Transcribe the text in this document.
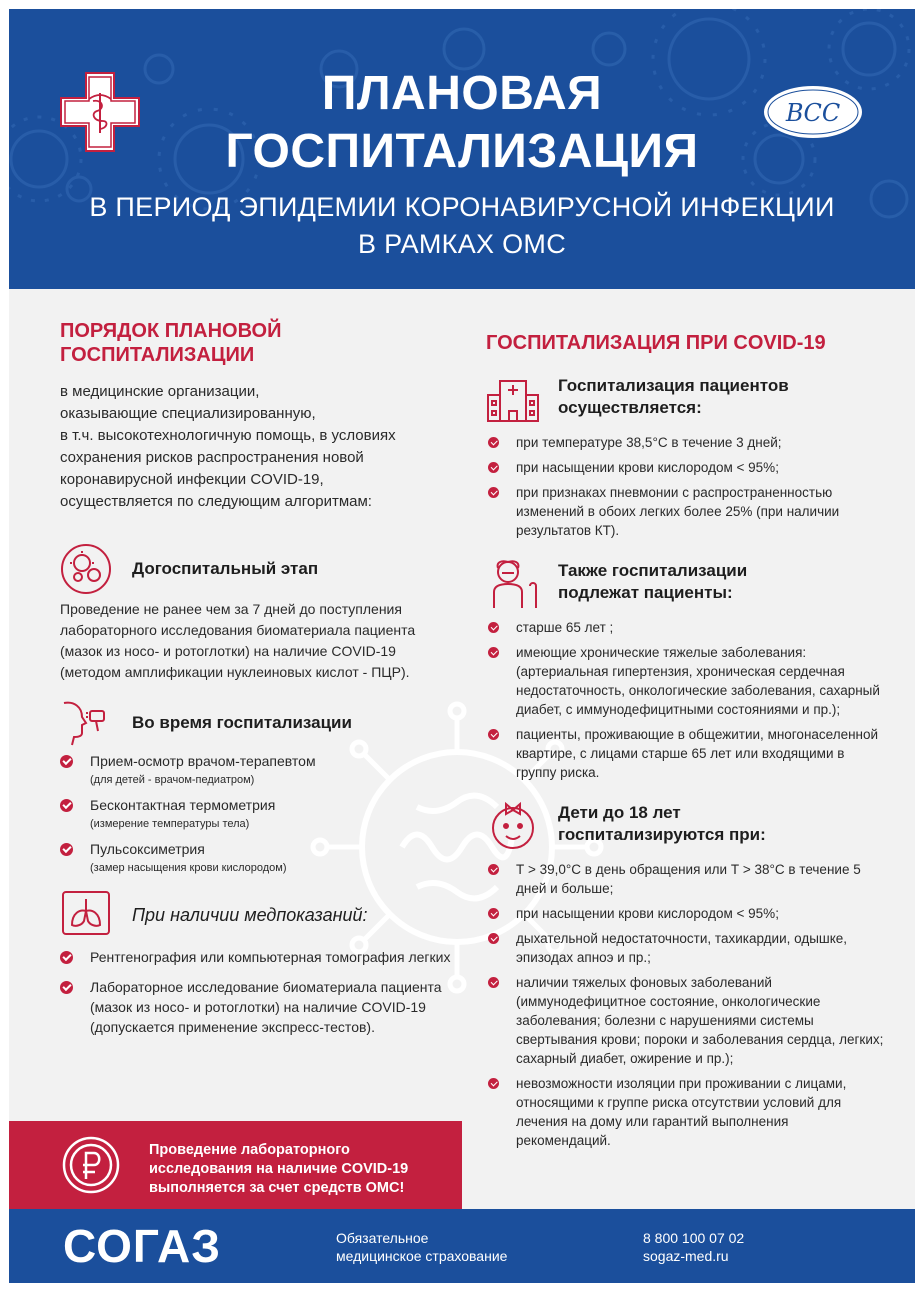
ПЛАНОВАЯ
ГОСПИТАЛИЗАЦИЯ
ВСС
В ПЕРИОД ЭПИДЕМИИ КОРОНАВИРУСНОЙ ИНФЕКЦИИ
В РАМКАХ ОМС
ПОРЯДОК ПЛАНОВОЙ
ГОСПИТАЛИЗАЦИИ
в медицинские организации,
оказывающие специализированную,
в т.ч. высокотехнологичную помощь, в условиях
сохранения рисков распространения новой
коронавирусной инфекции COVID-19,
осуществляется по следующим алгоритмам:
Догоспитальный этап
Проведение не ранее чем за 7 дней до поступления
лабораторного исследования биоматериала пациента
(мазок из носо- и ротоглотки) на наличие COVID-19
(методом амплификации нуклеиновых кислот - ПЦР).
Во время госпитализации
Прием-осмотр врачом-терапевтом
(для детей - врачом-педиатром)
Бесконтактная термометрия
(измерение температуры тела)
Пульсоксиметрия
(замер насыщения крови кислородом)
При наличии медпоказаний:
Рентгенография или компьютерная томография легких
Лабораторное исследование биоматериала пациента (мазок из носо- и ротоглотки) на наличие COVID-19 (допускается применение экспресс-тестов).
ГОСПИТАЛИЗАЦИЯ ПРИ COVID-19
Госпитализация пациентов
осуществляется:
при температуре 38,5°С в течение 3 дней;
при насыщении крови кислородом < 95%;
при признаках пневмонии с распространенностью изменений в обоих легких более 25% (при наличии результатов КТ).
Также госпитализации
подлежат пациенты:
старше 65 лет ;
имеющие хронические тяжелые заболевания: (артериальная гипертензия, хроническая сердечная недостаточность, онкологические заболевания, сахарный диабет, с иммунодефицитными состояниями и пр.);
пациенты, проживающие в общежитии, многонаселенной квартире, с лицами старше 65 лет или входящими в группу риска.
Дети до 18 лет
госпитализируются при:
Т > 39,0°С в день обращения или Т > 38°С в течение 5 дней и больше;
при насыщении крови кислородом < 95%;
дыхательной недостаточности, тахикардии, одышке, эпизодах апноэ и пр.;
наличии тяжелых фоновых заболеваний (иммунодефицитное состояние, онкологические заболевания; болезни с нарушениями системы свертывания крови; пороки и заболевания сердца, легких; сахарный диабет, ожирение и пр.);
невозможности изоляции при проживании с лицами, относящими к группе риска отсутствии условий для лечения на дому или гарантий выполнения рекомендаций.
Проведение лабораторного
исследования на наличие COVID-19
выполняется за счет средств ОМС!
СОГАЗ	Обязательное
медицинское страхование
8 800 100 07 02
sogaz-med.ru
